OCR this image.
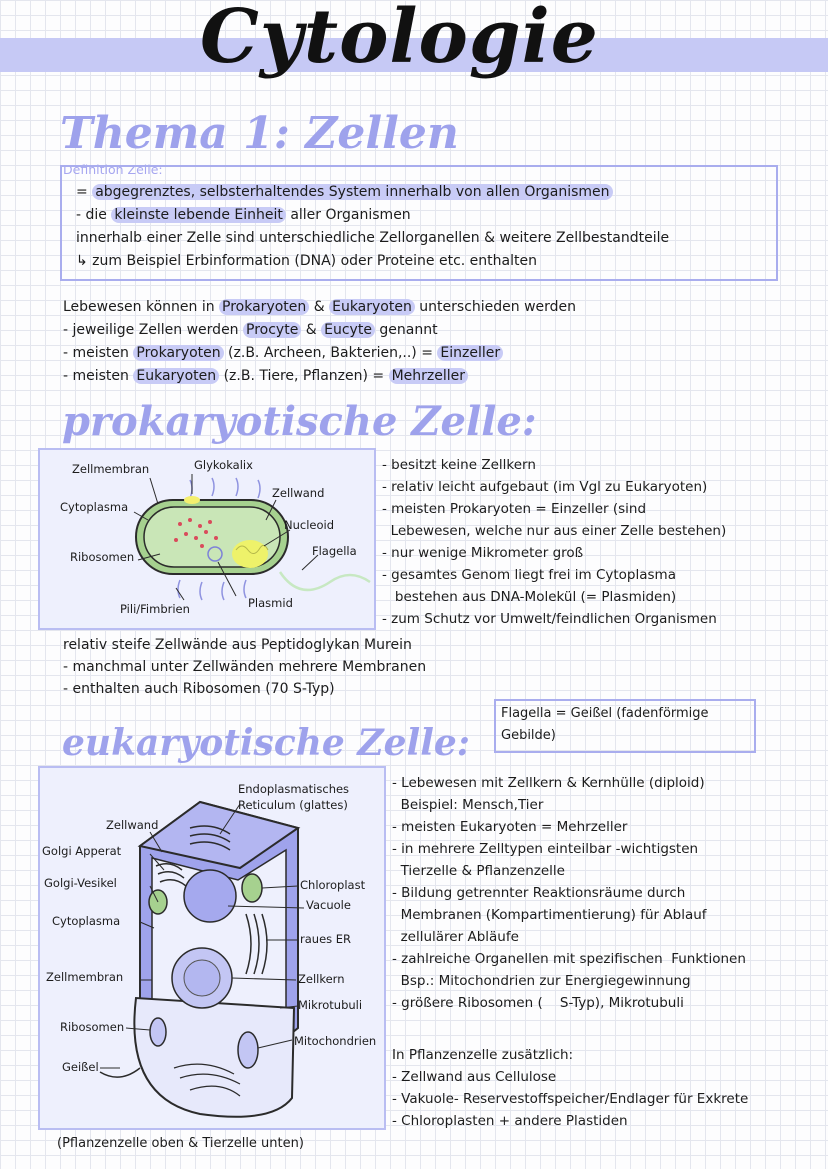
Cytologie
Thema 1: Zellen
Definition Zelle:
= abgegrenztes, selbsterhaltendes System innerhalb von allen Organismen
- die kleinste lebende Einheit aller Organismen
innerhalb einer Zelle sind unterschiedliche Zellorganellen & weitere Zellbestandteile
↳ zum Beispiel Erbinformation (DNA) oder Proteine etc. enthalten
Lebewesen können in Prokaryoten & Eukaryoten unterschieden werden
- jeweilige Zellen werden Procyte & Eucyte genannt
- meisten Prokaryoten (z.B. Archeen, Bakterien,..) = Einzeller
- meisten Eukaryoten (z.B. Tiere, Pflanzen) = Mehrzeller
prokaryotische Zelle:
Zellmembran	Glykokalix
Zellwand
Cytoplasma
Nucleoid
Ribosomen	Flagella
Pili/Fimbrien	Plasmid
- besitzt keine Zellkern
- relativ leicht aufgebaut (im Vgl zu Eukaryoten)
- meisten Prokaryoten = Einzeller (sind
Lebewesen, welche nur aus einer Zelle bestehen)
- nur wenige Mikrometer groß
- gesamtes Genom liegt frei im Cytoplasma
bestehen aus DNA-Molekül (= Plasmiden)
- zum Schutz vor Umwelt/feindlichen Organismen
relativ steife Zellwände aus Peptidoglykan Murein
- manchmal unter Zellwänden mehrere Membranen
- enthalten auch Ribosomen (70 S-Typ)
Flagella = Geißel (fadenförmige
Gebilde)
eukaryotische Zelle:
Endoplasmatisches
Reticulum (glattes)
Zellwand
Golgi Apperat
Golgi-Vesikel	Chloroplast
Vacuole
Cytoplasma
raues ER
Zellmembran	Zellkern
Mikrotubuli
Ribosomen
Mitochondrien
Geißel
(Pflanzenzelle oben & Tierzelle unten)
- Lebewesen mit Zellkern & Kernhülle (diploid)
Beispiel: Mensch,Tier
- meisten Eukaryoten = Mehrzeller
- in mehrere Zelltypen einteilbar -wichtigsten
Tierzelle & Pflanzenzelle
- Bildung getrennter Reaktionsräume durch
Membranen (Kompartimentierung) für Ablauf
zellulärer Abläufe
- zahlreiche Organellen mit spezifischen  Funktionen
Bsp.: Mitochondrien zur Energiegewinnung
- größere Ribosomen (    S-Typ), Mikrotubuli
In Pflanzenzelle zusätzlich:
- Zellwand aus Cellulose
- Vakuole- Reservestoffspeicher/Endlager für Exkrete
- Chloroplasten + andere Plastiden
